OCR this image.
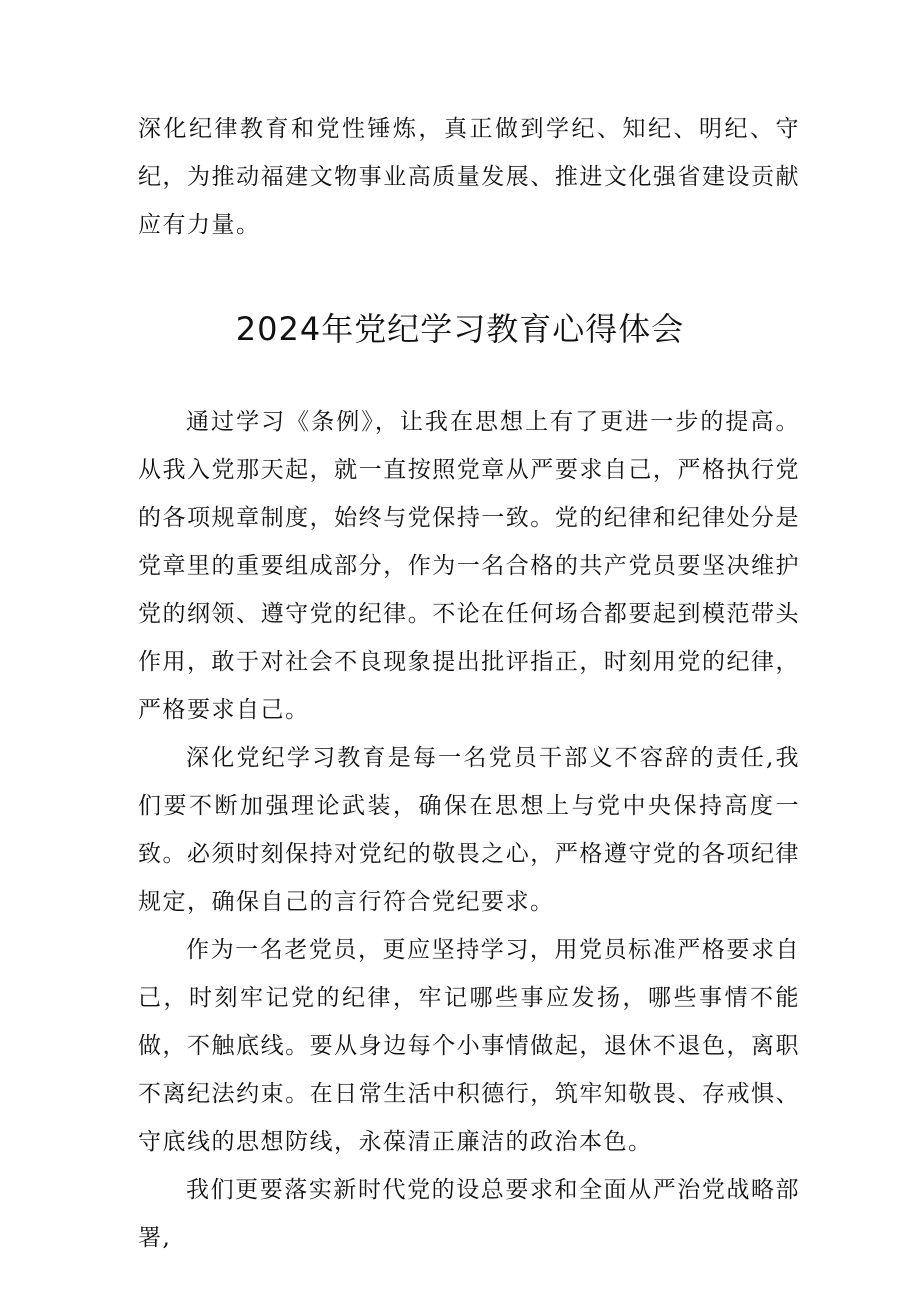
深化纪律教育和党性锤炼，真正做到学纪、知纪、明纪、守纪，为推动福建文物事业高质量发展、推进文化强省建设贡献应有力量。

2024年党纪学习教育心得体会

通过学习《条例》，让我在思想上有了更进一步的提高。从我入党那天起，就一直按照党章从严要求自己，严格执行党的各项规章制度，始终与党保持一致。党的纪律和纪律处分是党章里的重要组成部分，作为一名合格的共产党员要坚决维护党的纲领、遵守党的纪律。不论在任何场合都要起到模范带头作用，敢于对社会不良现象提出批评指正，时刻用党的纪律，严格要求自己。

深化党纪学习教育是每一名党员干部义不容辞的责任,我们要不断加强理论武装，确保在思想上与党中央保持高度一致。必须时刻保持对党纪的敬畏之心，严格遵守党的各项纪律规定，确保自己的言行符合党纪要求。

作为一名老党员，更应坚持学习，用党员标准严格要求自己，时刻牢记党的纪律，牢记哪些事应发扬，哪些事情不能做，不触底线。要从身边每个小事情做起，退休不退色，离职不离纪法约束。在日常生活中积德行，筑牢知敬畏、存戒惧、守底线的思想防线，永葆清正廉洁的政治本色。

我们更要落实新时代党的设总要求和全面从严治党战略部署,
